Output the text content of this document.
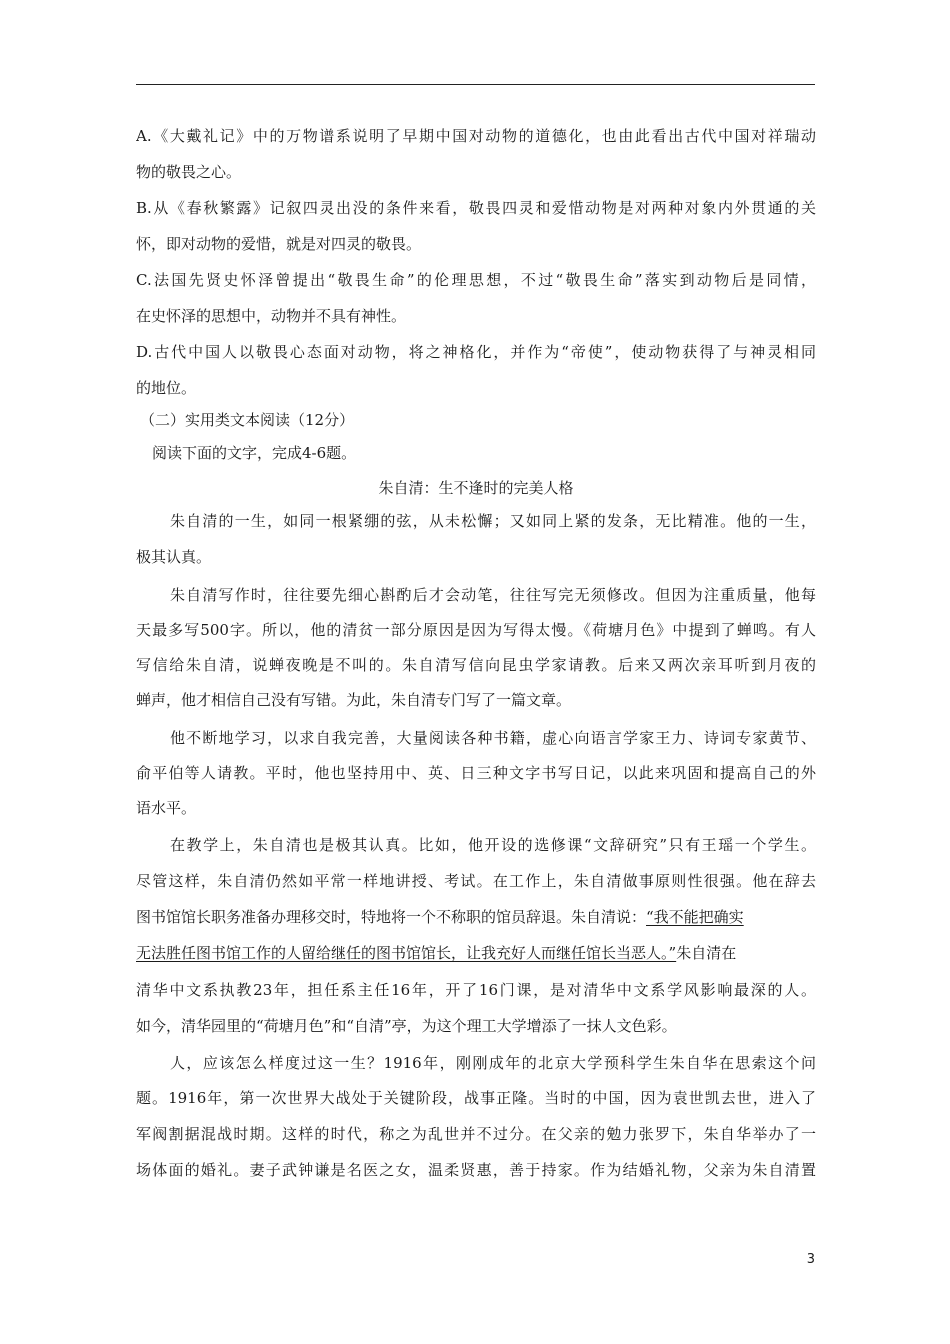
A.《大戴礼记》中的万物谱系说明了早期中国对动物的道德化，也由此看出古代中国对祥瑞动
物的敬畏之心。
B.从《春秋繁露》记叙四灵出没的条件来看，敬畏四灵和爱惜动物是对两种对象内外贯通的关
怀，即对动物的爱惜，就是对四灵的敬畏。
C.法国先贤史怀泽曾提出“敬畏生命”的伦理思想，不过“敬畏生命”落实到动物后是同情，
在史怀泽的思想中，动物并不具有神性。
D.古代中国人以敬畏心态面对动物，将之神格化，并作为“帝使”，使动物获得了与神灵相同
的地位。
（二）实用类文本阅读（12分）
阅读下面的文字，完成4-6题。
朱自清：生不逢时的完美人格
朱自清的一生，如同一根紧绷的弦，从未松懈；又如同上紧的发条，无比精准。他的一生，
极其认真。
朱自清写作时，往往要先细心斟酌后才会动笔，往往写完无须修改。但因为注重质量，他每
天最多写500字。所以，他的清贫一部分原因是因为写得太慢。《荷塘月色》中提到了蝉鸣。有人
写信给朱自清，说蝉夜晚是不叫的。朱自清写信向昆虫学家请教。后来又两次亲耳听到月夜的
蝉声，他才相信自己没有写错。为此，朱自清专门写了一篇文章。
他不断地学习，以求自我完善，大量阅读各种书籍，虚心向语言学家王力、诗词专家黄节、
俞平伯等人请教。平时，他也坚持用中、英、日三种文字书写日记，以此来巩固和提高自己的外
语水平。
在教学上，朱自清也是极其认真。比如，他开设的选修课“文辞研究”只有王瑶一个学生。
尽管这样，朱自清仍然如平常一样地讲授、考试。在工作上，朱自清做事原则性很强。他在辞去
图书馆馆长职务准备办理移交时，特地将一个不称职的馆员辞退。朱自清说：“我不能把确实
无法胜任图书馆工作的人留给继任的图书馆馆长，让我充好人而继任馆长当恶人。”朱自清在
清华中文系执教23年，担任系主任16年，开了16门课，是对清华中文系学风影响最深的人。
如今，清华园里的“荷塘月色”和“自清”亭，为这个理工大学增添了一抹人文色彩。
人，应该怎么样度过这一生？1916年，刚刚成年的北京大学预科学生朱自华在思索这个问
题。1916年，第一次世界大战处于关键阶段，战事正隆。当时的中国，因为袁世凯去世，进入了
军阀割据混战时期。这样的时代，称之为乱世并不过分。在父亲的勉力张罗下，朱自华举办了一
场体面的婚礼。妻子武钟谦是名医之女，温柔贤惠，善于持家。作为结婚礼物，父亲为朱自清置
3
